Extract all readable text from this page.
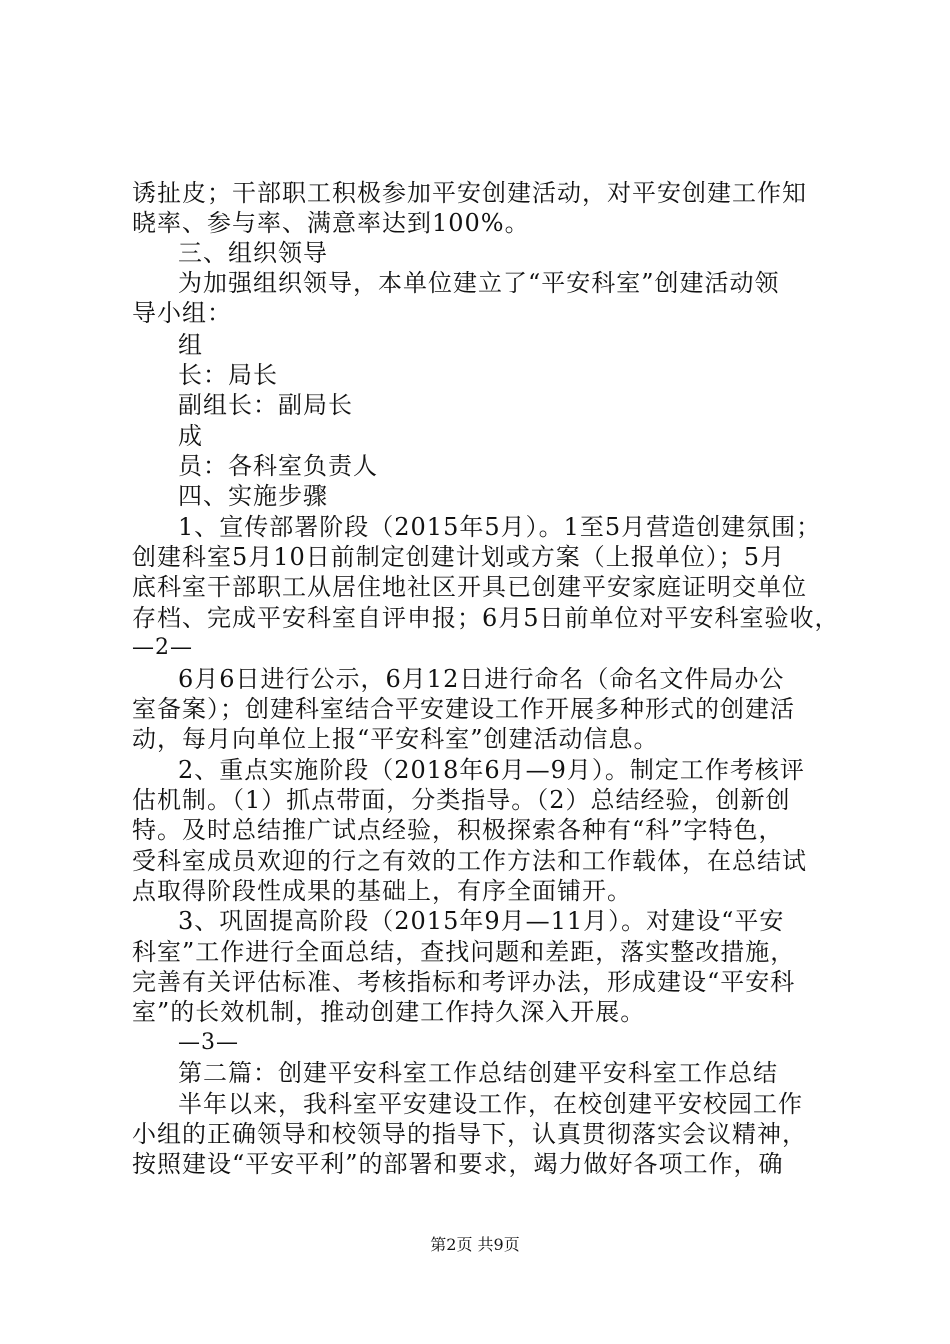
诱扯皮；干部职工积极参加平安创建活动，对平安创建工作知
晓率、参与率、满意率达到100%。
三、组织领导
为加强组织领导，本单位建立了“平安科室”创建活动领
导小组：
组
长：局长
副组长：副局长
成
员：各科室负责人
四、实施步骤
1、宣传部署阶段（2015年5月）。1至5月营造创建氛围；
创建科室5月10日前制定创建计划或方案（上报单位）；5月
底科室干部职工从居住地社区开具已创建平安家庭证明交单位
存档、完成平安科室自评申报；6月5日前单位对平安科室验收，
—2—
6月6日进行公示，6月12日进行命名（命名文件局办公
室备案）；创建科室结合平安建设工作开展多种形式的创建活
动，每月向单位上报“平安科室”创建活动信息。
2、重点实施阶段（2018年6月—9月）。制定工作考核评
估机制。（1）抓点带面，分类指导。（2）总结经验，创新创
特。及时总结推广试点经验，积极探索各种有“科”字特色，
受科室成员欢迎的行之有效的工作方法和工作载体，在总结试
点取得阶段性成果的基础上，有序全面铺开。
3、巩固提高阶段（2015年9月—11月）。对建设“平安
科室”工作进行全面总结，查找问题和差距，落实整改措施，
完善有关评估标准、考核指标和考评办法，形成建设“平安科
室”的长效机制，推动创建工作持久深入开展。
—3—
第二篇：创建平安科室工作总结创建平安科室工作总结
半年以来，我科室平安建设工作，在校创建平安校园工作
小组的正确领导和校领导的指导下，认真贯彻落实会议精神，
按照建设“平安平利”的部署和要求，竭力做好各项工作，确
第2页 共9页
